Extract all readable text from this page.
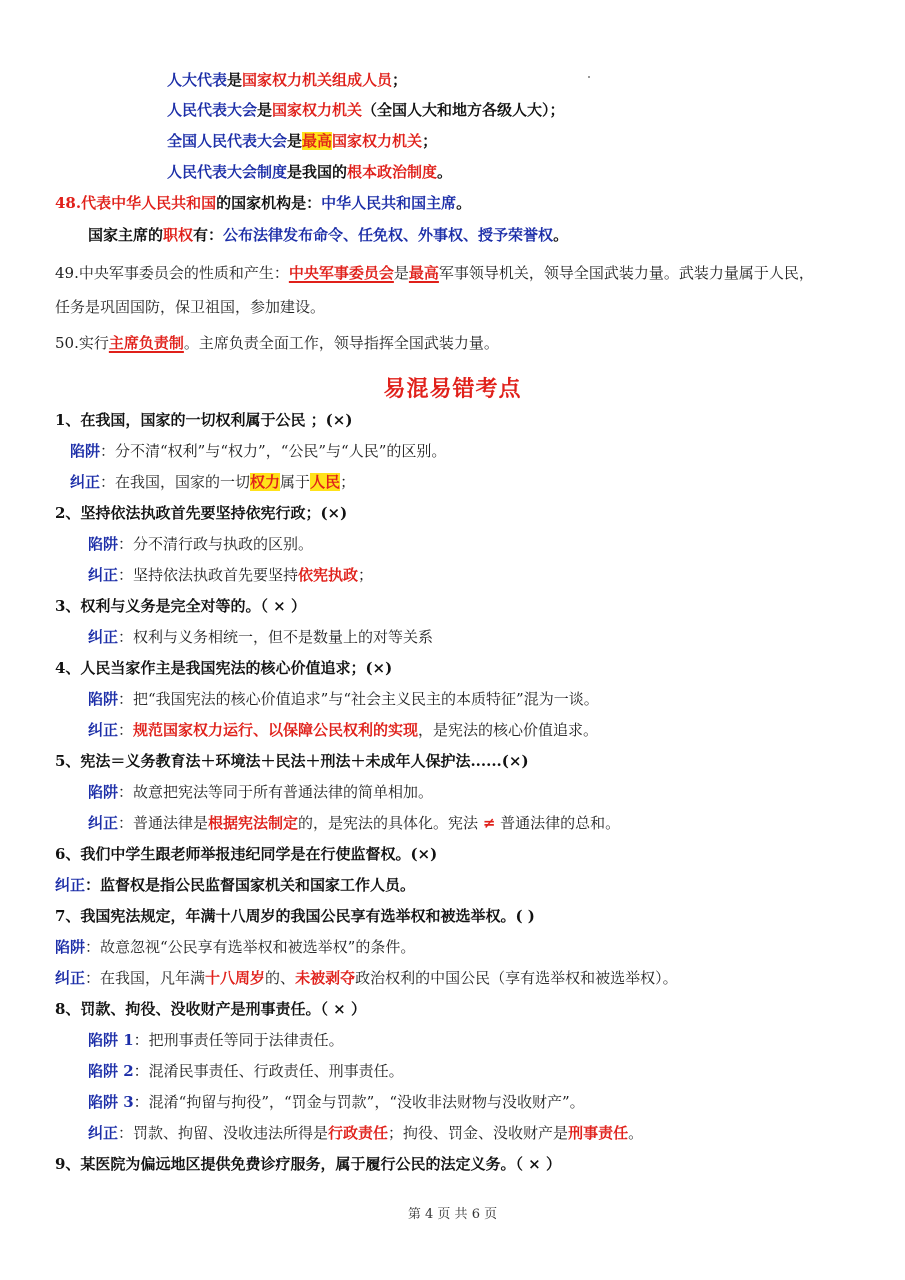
人大代表是国家权力机关组成人员；
人民代表大会是国家权力机关（全国人大和地方各级人大）；
全国人民代表大会是最高国家权力机关；
人民代表大会制度是我国的根本政治制度。
48.代表中华人民共和国的国家机构是：中华人民共和国主席。
国家主席的职权有：公布法律发布命令、任免权、外事权、授予荣誉权。
49.中央军事委员会的性质和产生：中央军事委员会是最高军事领导机关，领导全国武装力量。武装力量属于人民，
任务是巩固国防，保卫祖国，参加建设。
50.实行主席负责制。主席负责全面工作，领导指挥全国武装力量。
易混易错考点
1、在我国，国家的一切权利属于公民 ；(×)
陷阱：分不清“权利”与“权力”，“公民”与“人民”的区别。
纠正：在我国，国家的一切权力属于人民；
2、坚持依法执政首先要坚持依宪行政；(×)
陷阱：分不清行政与执政的区别。
纠正：坚持依法执政首先要坚持依宪执政；
3、权利与义务是完全对等的。（ × ）
纠正：权利与义务相统一，但不是数量上的对等关系
4、人民当家作主是我国宪法的核心价值追求；(×)
陷阱：把“我国宪法的核心价值追求”与“社会主义民主的本质特征”混为一谈。
纠正：规范国家权力运行、以保障公民权利的实现，是宪法的核心价值追求。
5、宪法＝义务教育法＋环境法＋民法＋刑法＋未成年人保护法......(×)
陷阱：故意把宪法等同于所有普通法律的简单相加。
纠正：普通法律是根据宪法制定的，是宪法的具体化。宪法 ≠ 普通法律的总和。
6、我们中学生跟老师举报违纪同学是在行使监督权。(×)
纠正：监督权是指公民监督国家机关和国家工作人员。
7、我国宪法规定，年满十八周岁的我国公民享有选举权和被选举权。( )
陷阱：故意忽视“公民享有选举权和被选举权”的条件。
纠正：在我国，凡年满十八周岁的、未被剥夺政治权利的中国公民（享有选举权和被选举权）。
8、罚款、拘役、没收财产是刑事责任。（ × ）
陷阱 1：把刑事责任等同于法律责任。
陷阱 2：混淆民事责任、行政责任、刑事责任。
陷阱 3：混淆“拘留与拘役”，“罚金与罚款”，“没收非法财物与没收财产”。
纠正：罚款、拘留、没收违法所得是行政责任；拘役、罚金、没收财产是刑事责任。
9、某医院为偏远地区提供免费诊疗服务，属于履行公民的法定义务。（ × ）
第 4 页 共 6 页
